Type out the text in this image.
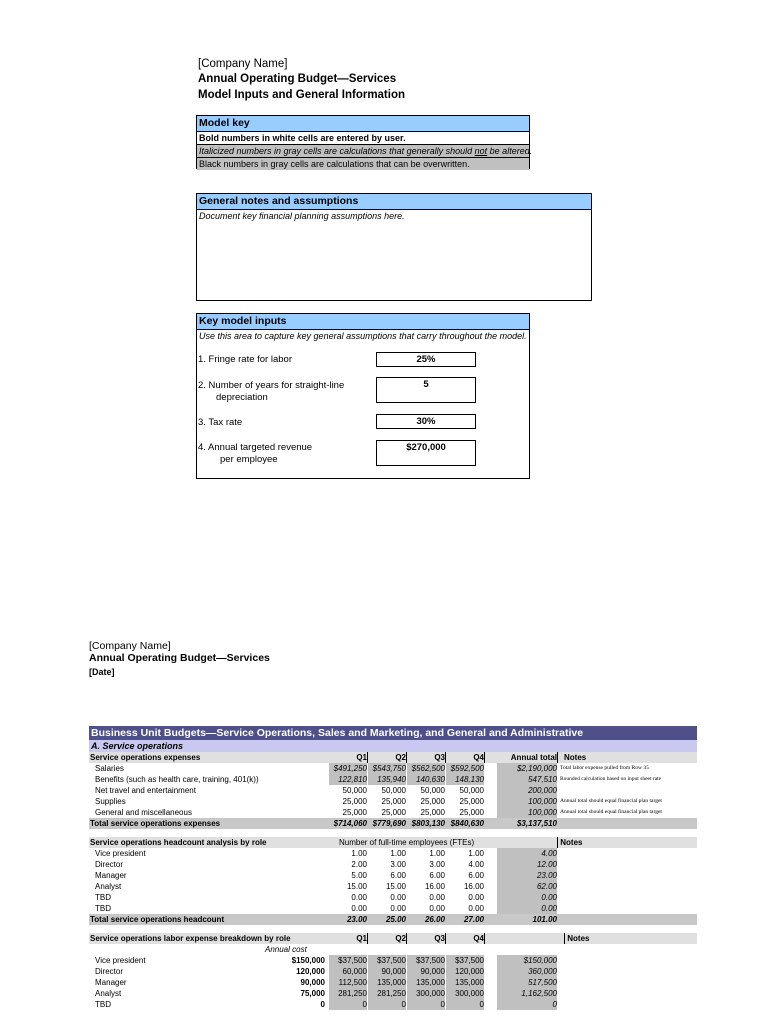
[Company Name]
Annual Operating Budget—Services
Model Inputs and General Information
Model key
Bold numbers in white cells are entered by user.
Italicized numbers in gray cells are calculations that generally should not be altered.
Black numbers in gray cells are calculations that can be overwritten.
General notes and assumptions
Document key financial planning assumptions here.
Key model inputs
Use this area to capture key general assumptions that carry throughout the model.
1. Fringe rate for labor	25%
2. Number of years for straight-line
depreciation
5
3. Tax rate	30%
4. Annual targeted revenue
per employee
$270,000
[Company Name]
Annual Operating Budget—Services
[Date]
Business Unit Budgets—Service Operations, Sales and Marketing, and General and Administrative
A. Service operations
Service operations expenses	Q1	Q2	Q3	Q4	Annual total Notes
Salaries	$491,250 $543,750 $562,500 $592,500	$2,190,000 Total labor expense pulled from Row 35
Benefits (such as health care, training, 401(k))	122,810	135,940	140,630	148,130	547,510 Rounded calculation based on input sheet rate
Net travel and entertainment	50,000	50,000	50,000	50,000	200,000
Supplies	25,000	25,000	25,000	25,000	100,000 Annual total should equal financial plan target
General and miscellaneous	25,000	25,000	25,000	25,000	100,000 Annual total should equal financial plan target
Total service operations expenses	$714,060 $779,690 $803,130 $840,630	$3,137,510
Service operations headcount analysis by role	Number of full-time employees (FTEs)	Notes
Vice president	1.00	1.00	1.00	1.00	4.00
Director	2.00	3.00	3.00	4.00	12.00
Manager	5.00	6.00	6.00	6.00	23.00
Analyst	15.00	15.00	16.00	16.00	62.00
TBD	0.00	0.00	0.00	0.00	0.00
TBD	0.00	0.00	0.00	0.00	0.00
Total service operations headcount	23.00	25.00	26.00	27.00	101.00
Service operations labor expense breakdown by role	Q1	Q2	Q3	Q4	Notes
Annual cost
Vice president	$150,000	$37,500	$37,500	$37,500	$37,500	$150,000
Director	120,000	60,000	90,000	90,000	120,000	360,000
Manager	90,000	112,500	135,000	135,000	135,000	517,500
Analyst	75,000	281,250	281,250	300,000	300,000	1,162,500
TBD	0	0	0	0	0	0
